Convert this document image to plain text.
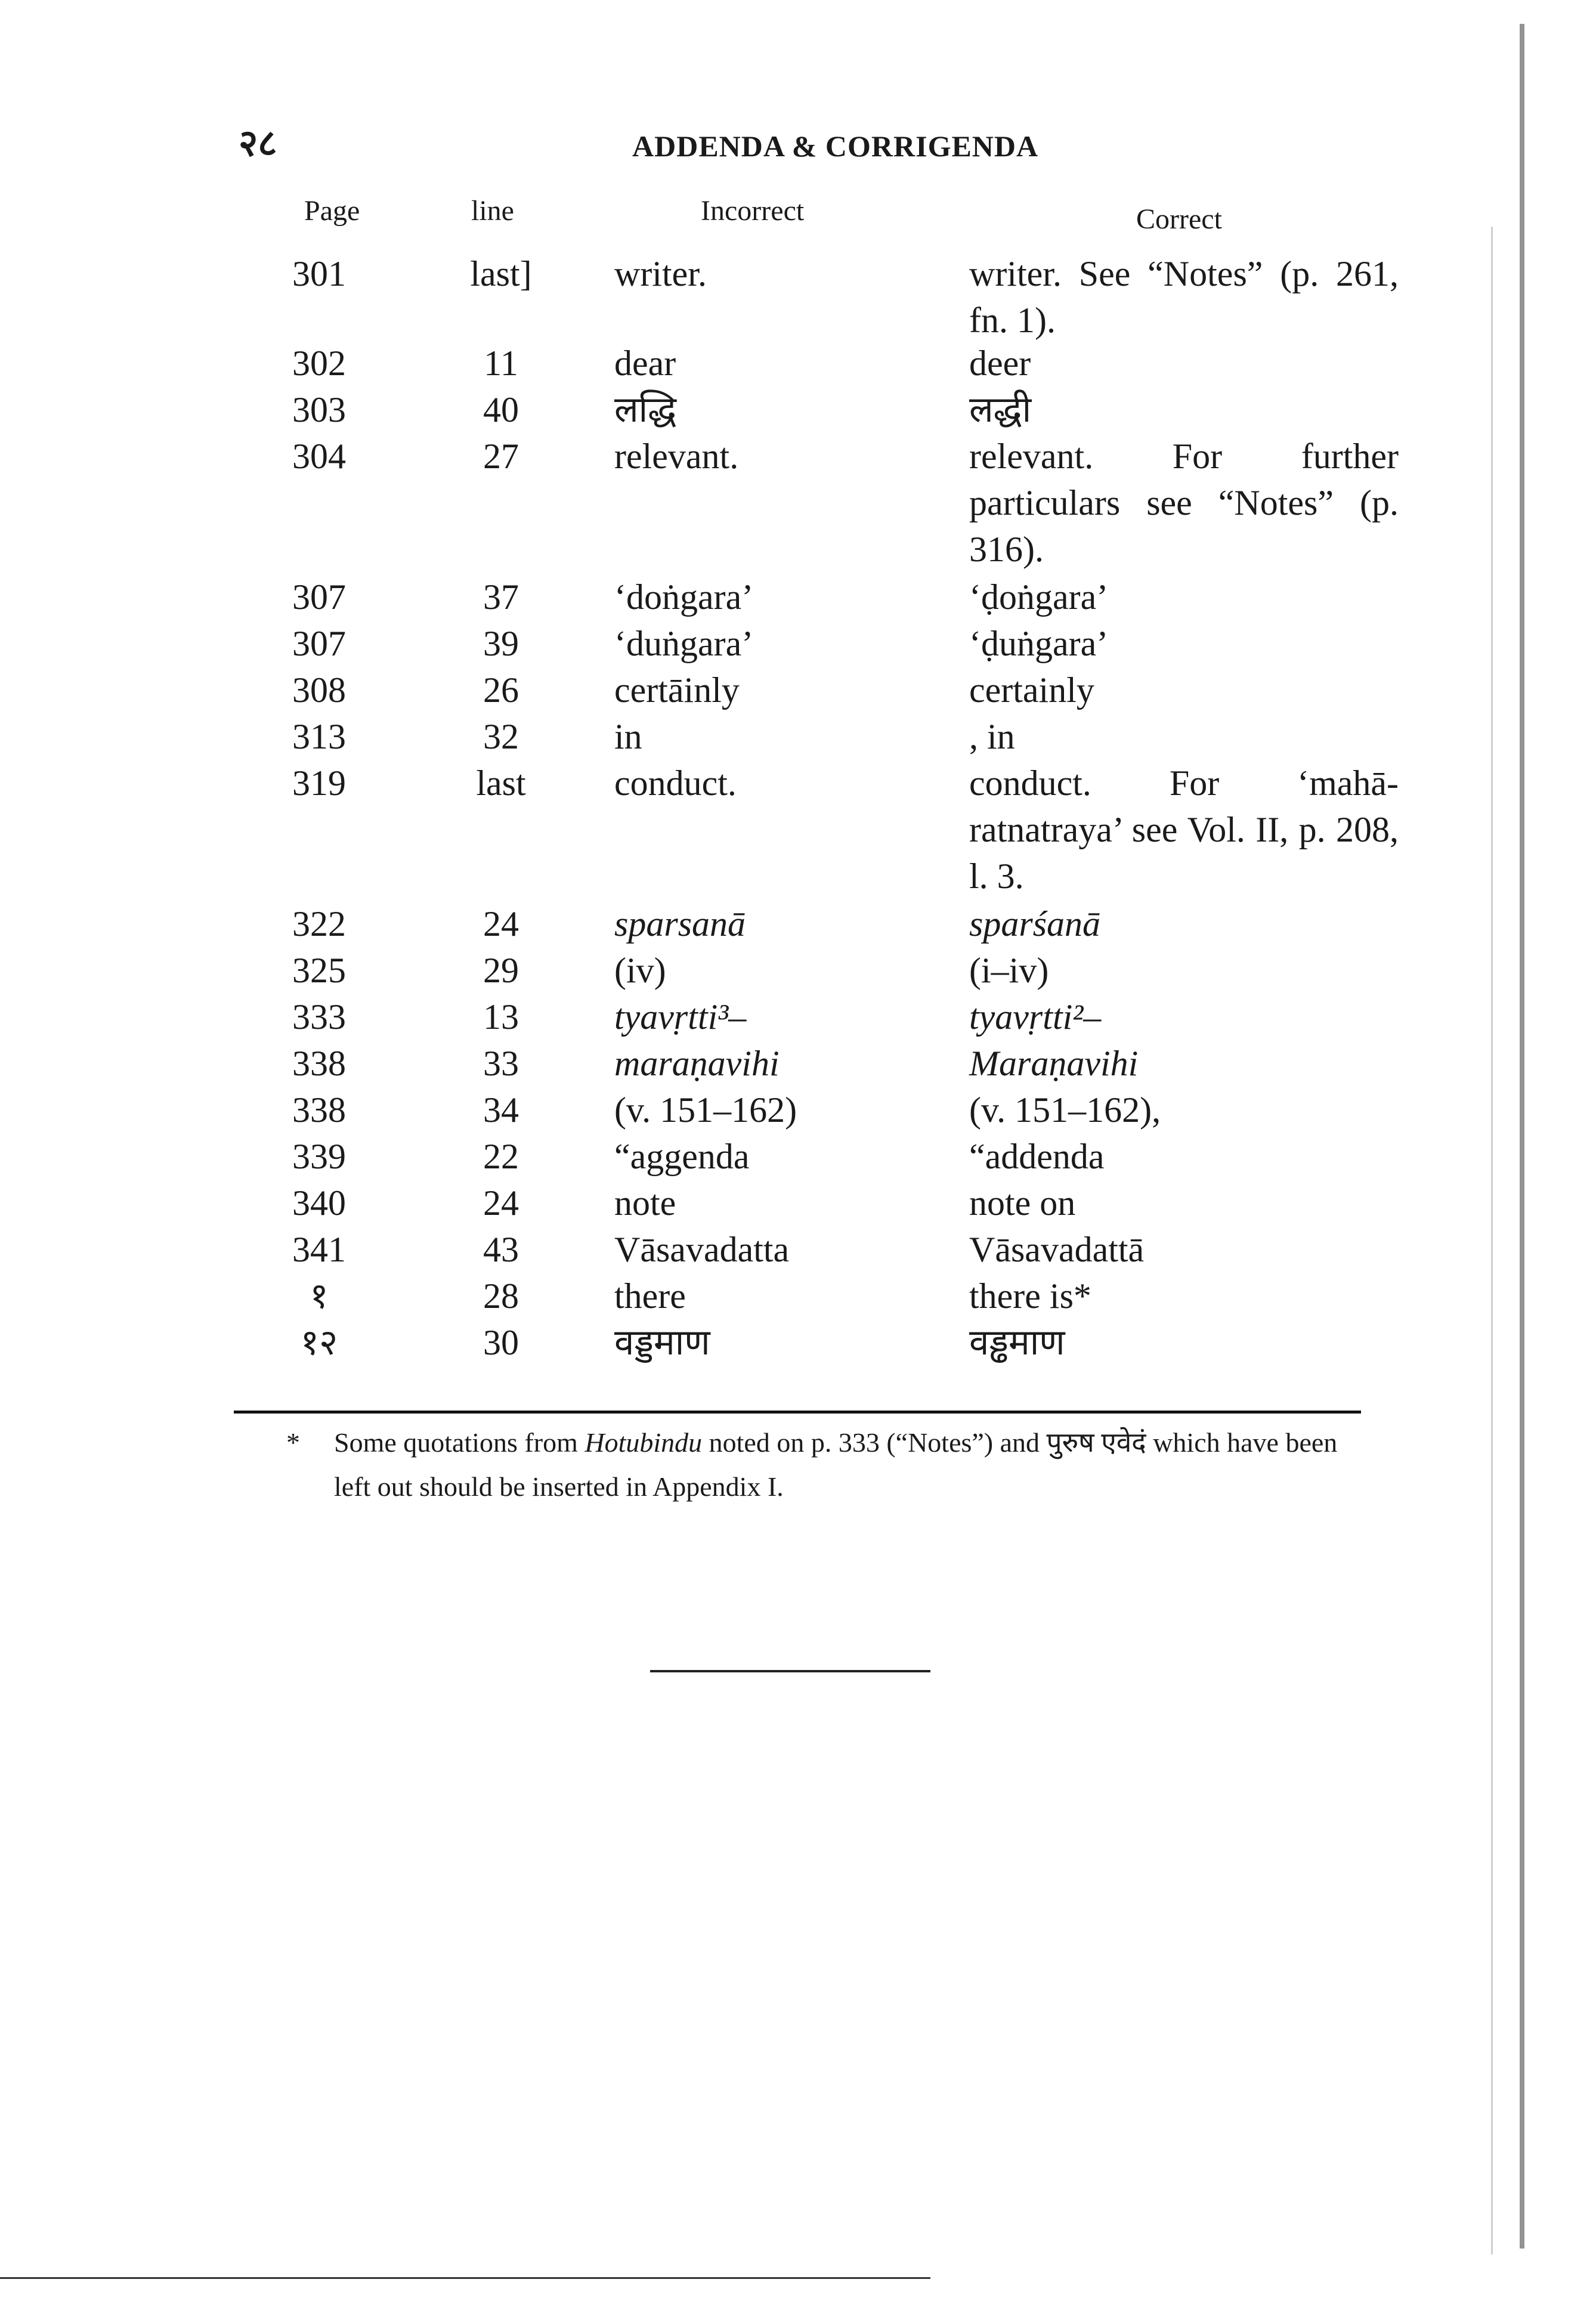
२८	ADDENDA & CORRIGENDA
Page	line	Incorrect	Correct
301	last]	writer.	writer. See “Notes” (p. 261, fn. 1).
302	11	dear	deer
303	40	लद्धि	लद्धी
304	27	relevant.	relevant. For further particulars see “Notes” (p. 316).
307	37	‘doṅgara’	‘ḍoṅgara’
307	39	‘duṅgara’	‘ḍuṅgara’
308	26	certāinly	certainly
313	32	in	, in
319	last	conduct.	conduct. For ‘mahā-ratnatraya’ see Vol. II, p. 208, l. 3.
322	24	sparsanā	sparśanā
325	29	(iv)	(i–iv)
333	13	tyavṛtti³–	tyavṛtti²–
338	33	maraṇavihi	Maraṇavihi
338	34	(v. 151–162)	(v. 151–162),
339	22	“aggenda	“addenda
340	24	note	note on
341	43	Vāsavadatta	Vāsavadattā
१	28	there	there is*
१२	30	वड्डमाण	वड्ढमाण
* Some quotations from Hotubindu noted on p. 333 (“Notes”) and पुरुष एवेदं which have been left out should be inserted in Appendix I.
